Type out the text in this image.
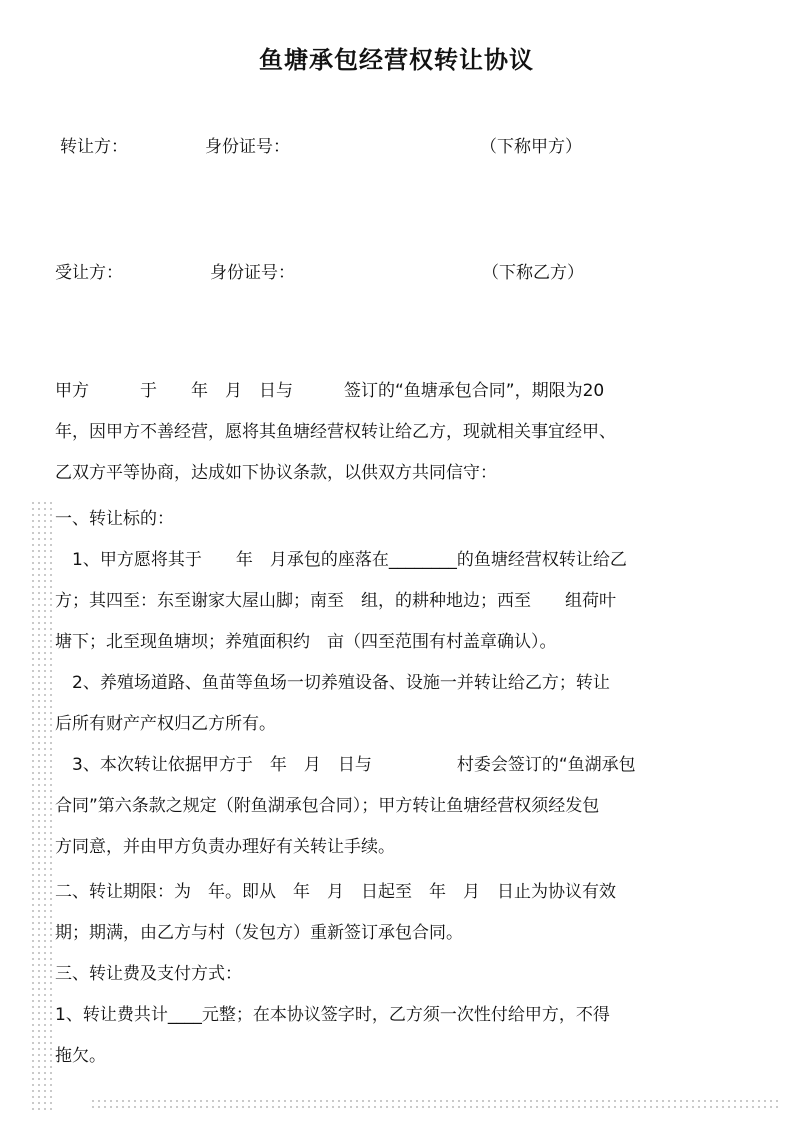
鱼塘承包经营权转让协议
转让方：	身份证号：	（下称甲方）
受让方：	身份证号：	（下称乙方）
甲方　　　于　　年　月　日与　　　签订的“鱼塘承包合同”，期限为20
年，因甲方不善经营，愿将其鱼塘经营权转让给乙方，现就相关事宜经甲、
乙双方平等协商，达成如下协议条款，以供双方共同信守：
一、转让标的：
　1、甲方愿将其于　　年　月承包的座落在________的鱼塘经营权转让给乙
方；其四至：东至谢家大屋山脚；南至　组，的耕种地边；西至　　组荷叶
塘下；北至现鱼塘坝；养殖面积约　亩（四至范围有村盖章确认）。
　2、养殖场道路、鱼苗等鱼场一切养殖设备、设施一并转让给乙方；转让
后所有财产产权归乙方所有。
　3、本次转让依据甲方于　年　月　日与　　　　　村委会签订的“鱼湖承包
合同”第六条款之规定（附鱼湖承包合同）；甲方转让鱼塘经营权须经发包
方同意，并由甲方负责办理好有关转让手续。
二、转让期限：为　年。即从　年　月　日起至　年　月　日止为协议有效
期；期满，由乙方与村（发包方）重新签订承包合同。
三、转让费及支付方式：
1、转让费共计____元整；在本协议签字时，乙方须一次性付给甲方，不得
拖欠。
